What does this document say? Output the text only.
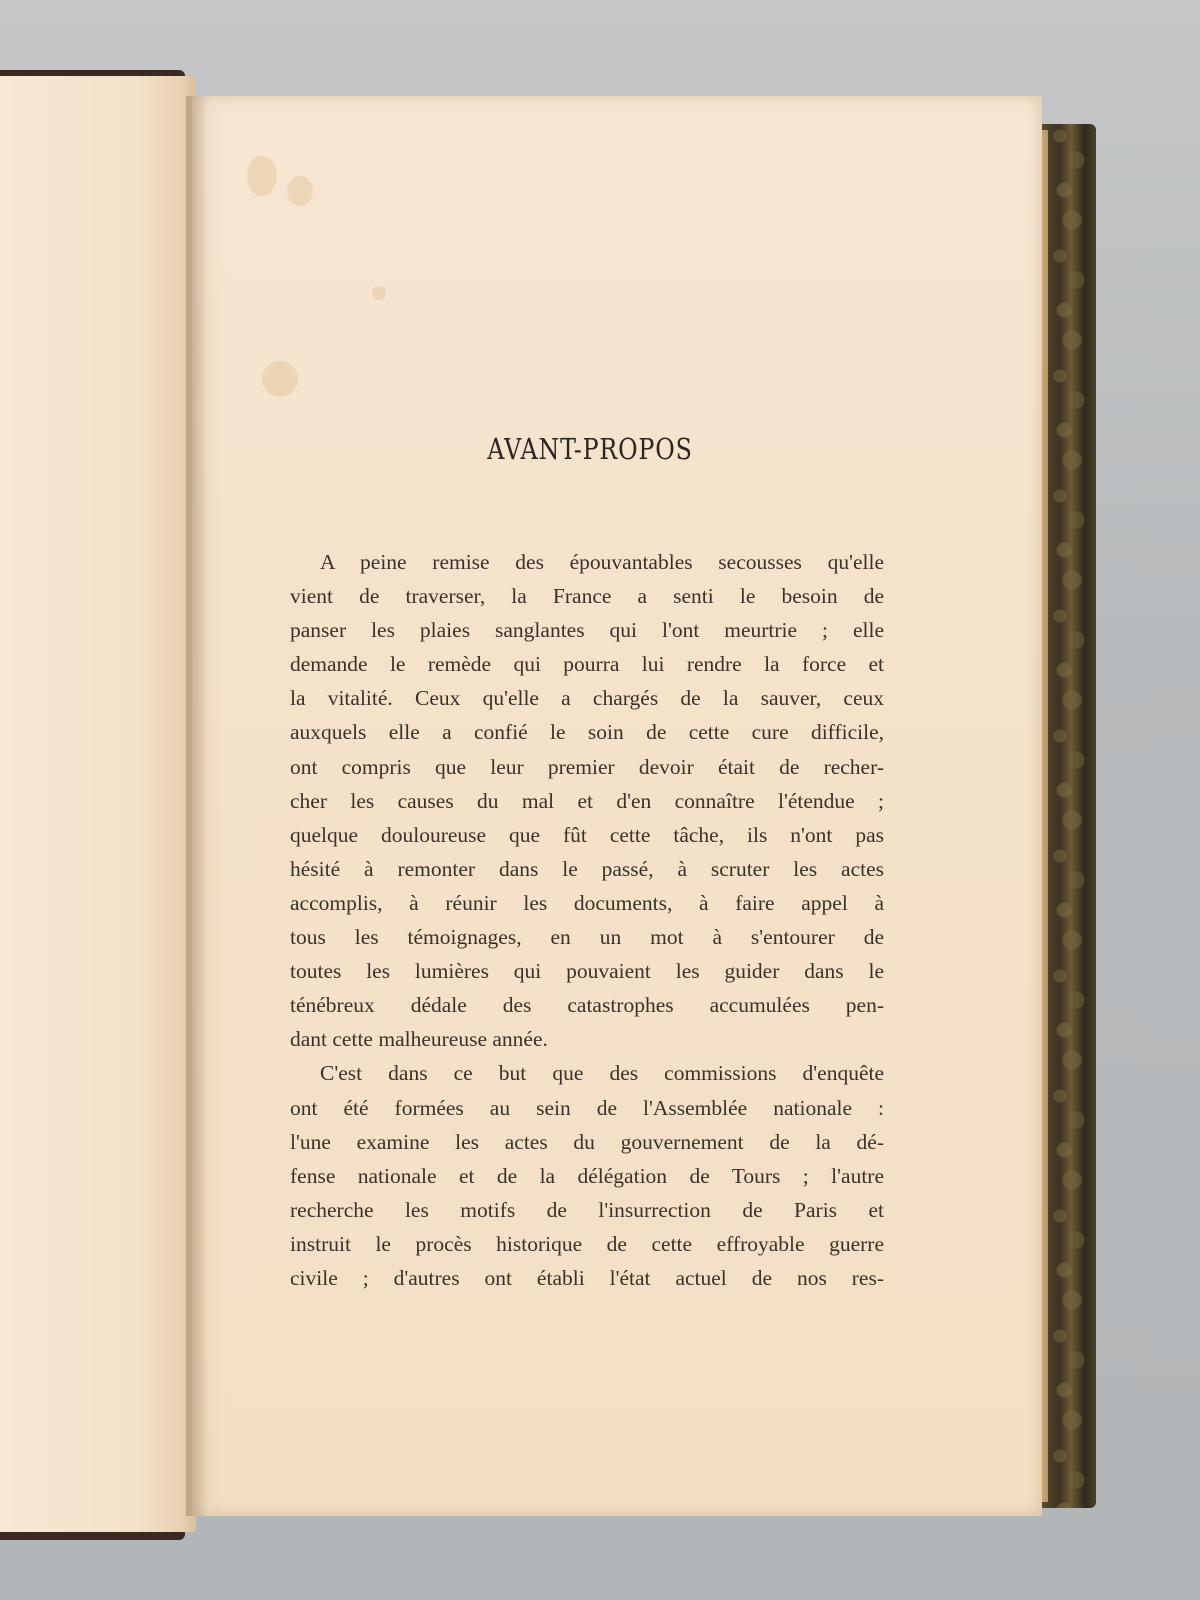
AVANT-PROPOS
A peine remise des épouvantables secousses qu'elle
vient de traverser, la France a senti le besoin de
panser les plaies sanglantes qui l'ont meurtrie ; elle
demande le remède qui pourra lui rendre la force et
la vitalité. Ceux qu'elle a chargés de la sauver, ceux
auxquels elle a confié le soin de cette cure difficile,
ont compris que leur premier devoir était de recher-
cher les causes du mal et d'en connaître l'étendue ;
quelque douloureuse que fût cette tâche, ils n'ont pas
hésité à remonter dans le passé, à scruter les actes
accomplis, à réunir les documents, à faire appel à
tous les témoignages, en un mot à s'entourer de
toutes les lumières qui pouvaient les guider dans le
ténébreux dédale des catastrophes accumulées pen-
dant cette malheureuse année.
C'est dans ce but que des commissions d'enquête
ont été formées au sein de l'Assemblée nationale :
l'une examine les actes du gouvernement de la dé-
fense nationale et de la délégation de Tours ; l'autre
recherche les motifs de l'insurrection de Paris et
instruit le procès historique de cette effroyable guerre
civile ; d'autres ont établi l'état actuel de nos res-
